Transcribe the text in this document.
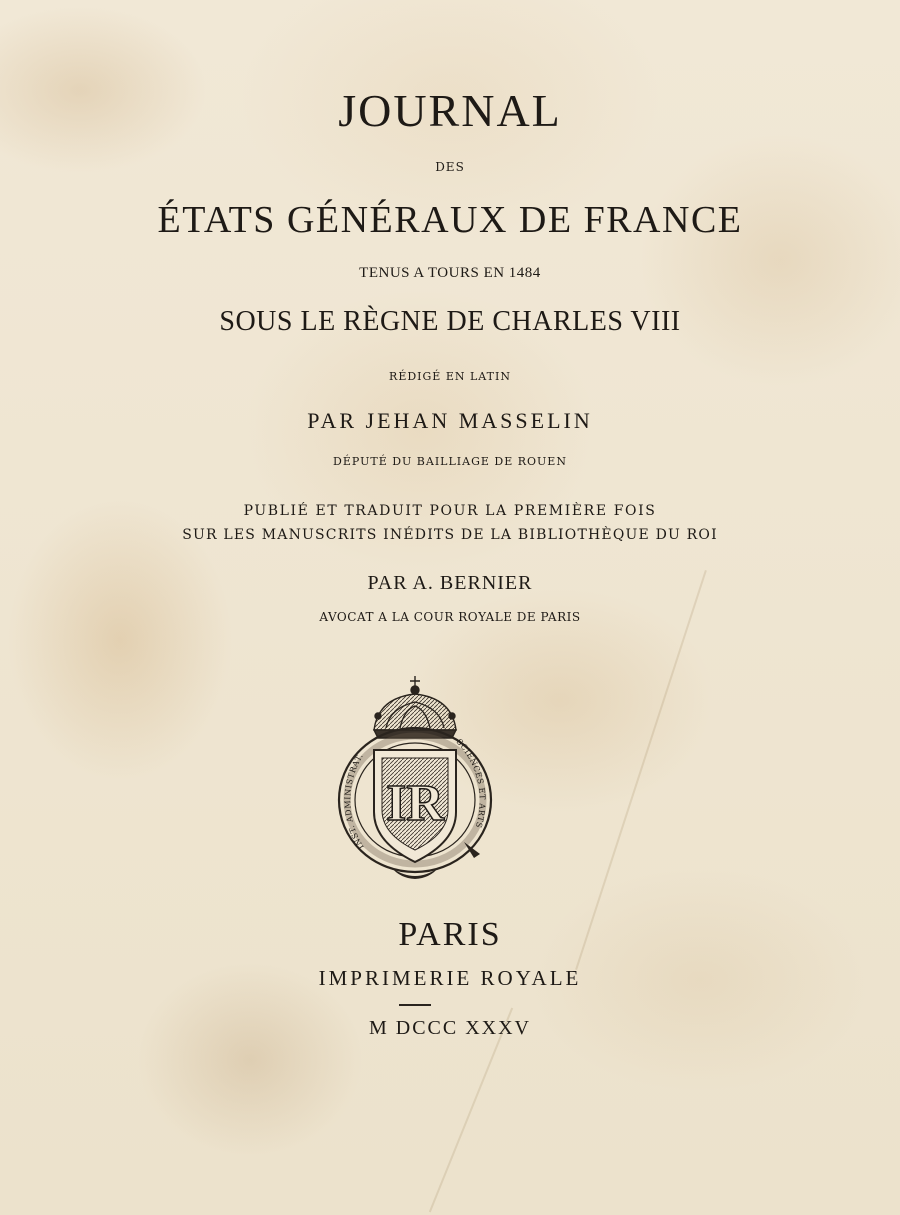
JOURNAL
DES
ÉTATS GÉNÉRAUX DE FRANCE
TENUS A TOURS EN 1484
SOUS LE RÈGNE DE CHARLES VIII
RÉDIGÉ EN LATIN
PAR JEHAN MASSELIN
DÉPUTÉ DU BAILLIAGE DE ROUEN
PUBLIÉ ET TRADUIT POUR LA PREMIÈRE FOIS
SUR LES MANUSCRITS INÉDITS DE LA BIBLIOTHÈQUE DU ROI
PAR A. BERNIER
AVOCAT A LA COUR ROYALE DE PARIS
IR
INST. ADMINISTRAT.
SCIENCES ET ARTS
PARIS
IMPRIMERIE ROYALE
M DCCC XXXV
